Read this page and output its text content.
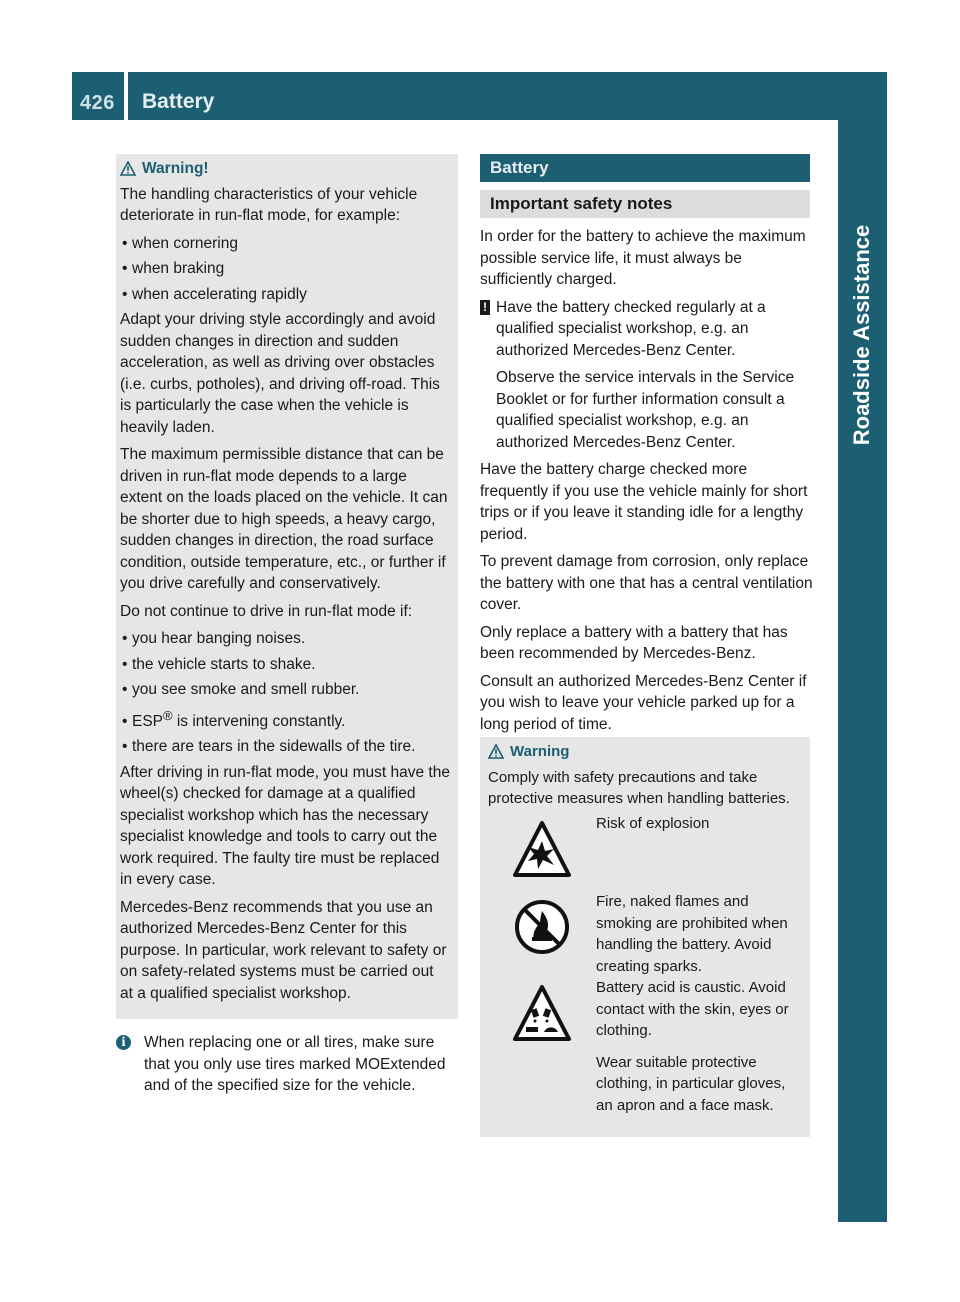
426 Battery
Roadside Assistance
Warning!

The handling characteristics of your vehicle deteriorate in run-flat mode, for example:

• when cornering

• when braking

• when accelerating rapidly

Adapt your driving style accordingly and avoid sudden changes in direction and sudden acceleration, as well as driving over obstacles (i.e. curbs, potholes), and driving off-road. This is particularly the case when the vehicle is heavily laden.

The maximum permissible distance that can be driven in run-flat mode depends to a large extent on the loads placed on the vehicle. It can be shorter due to high speeds, a heavy cargo, sudden changes in direction, the road surface condition, outside temperature, etc., or further if you drive carefully and conservatively.

Do not continue to drive in run-flat mode if:

• you hear banging noises.

• the vehicle starts to shake.

• you see smoke and smell rubber.

• ESP® is intervening constantly.

• there are tears in the sidewalls of the tire.

After driving in run-flat mode, you must have the wheel(s) checked for damage at a qualified specialist workshop which has the necessary specialist knowledge and tools to carry out the work required. The faulty tire must be replaced in every case.

Mercedes-Benz recommends that you use an authorized Mercedes-Benz Center for this purpose. In particular, work relevant to safety or on safety-related systems must be carried out at a qualified specialist workshop.

i	When replacing one or all tires, make sure that you only use tires marked MOExtended and of the specified size for the vehicle.
Battery
Important safety notes

In order for the battery to achieve the maximum possible service life, it must always be sufficiently charged.

! Have the battery checked regularly at a qualified specialist workshop, e.g. an authorized Mercedes-Benz Center.

Observe the service intervals in the Service Booklet or for further information consult a qualified specialist workshop, e.g. an authorized Mercedes-Benz Center.

Have the battery charge checked more frequently if you use the vehicle mainly for short trips or if you leave it standing idle for a lengthy period.

To prevent damage from corrosion, only replace the battery with one that has a central ventilation cover.

Only replace a battery with a battery that has been recommended by Mercedes-Benz.

Consult an authorized Mercedes-Benz Center if you wish to leave your vehicle parked up for a long period of time.

Warning

Comply with safety precautions and take protective measures when handling batteries.

Risk of explosion

Fire, naked flames and smoking are prohibited when handling the battery. Avoid creating sparks.

Battery acid is caustic. Avoid contact with the skin, eyes or clothing.

Wear suitable protective clothing, in particular gloves, an apron and a face mask.
